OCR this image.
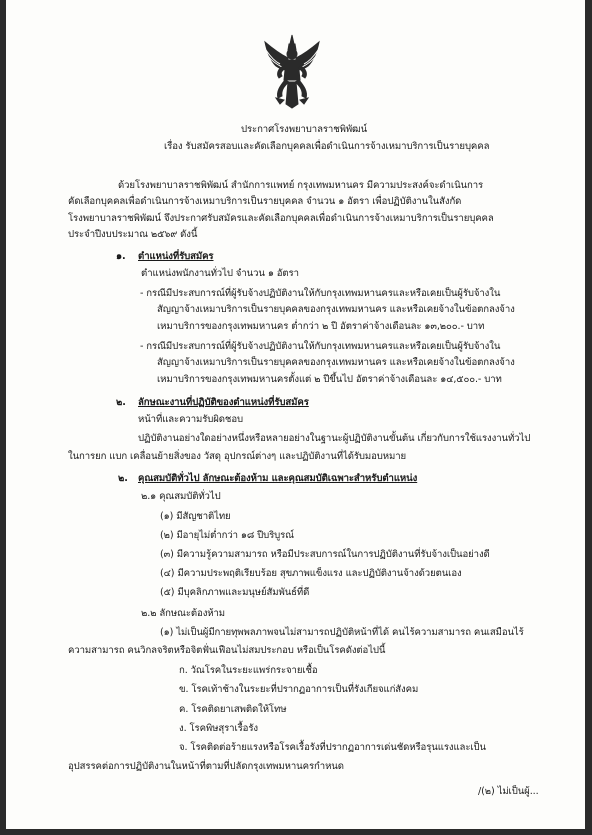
ประกาศโรงพยาบาลราชพิพัฒน์
เรื่อง รับสมัครสอบและคัดเลือกบุคคลเพื่อดำเนินการจ้างเหมาบริการเป็นรายบุคคล
ด้วยโรงพยาบาลราชพิพัฒน์ สำนักการแพทย์ กรุงเทพมหานคร มีความประสงค์จะดำเนินการ
คัดเลือกบุคคลเพื่อดำเนินการจ้างเหมาบริการเป็นรายบุคคล จำนวน ๑ อัตรา เพื่อปฏิบัติงานในสังกัด
โรงพยาบาลราชพิพัฒน์ จึงประกาศรับสมัครและคัดเลือกบุคคลเพื่อดำเนินการจ้างเหมาบริการเป็นรายบุคคล
ประจำปีงบประมาณ ๒๕๖๙ ดังนี้
๑. ตำแหน่งที่รับสมัคร
ตำแหน่งพนักงานทั่วไป จำนวน ๑ อัตรา
- กรณีมีประสบการณ์ที่ผู้รับจ้างปฏิบัติงานให้กับกรุงเทพมหานครและหรือเคยเป็นผู้รับจ้างใน
สัญญาจ้างเหมาบริการเป็นรายบุคคลของกรุงเทพมหานคร และหรือเคยจ้างในข้อตกลงจ้าง
เหมาบริการของกรุงเทพมหานคร ต่ำกว่า ๒ ปี อัตราค่าจ้างเดือนละ ๑๓,๒๐๐.- บาท
- กรณีมีประสบการณ์ที่ผู้รับจ้างปฏิบัติงานให้กับกรุงเทพมหานครและหรือเคยเป็นผู้รับจ้างใน
สัญญาจ้างเหมาบริการเป็นรายบุคคลของกรุงเทพมหานคร และหรือเคยจ้างในข้อตกลงจ้าง
เหมาบริการของกรุงเทพมหานครตั้งแต่ ๒ ปีขึ้นไป อัตราค่าจ้างเดือนละ ๑๔,๕๐๐.- บาท
๒. ลักษณะงานที่ปฏิบัติของตำแหน่งที่รับสมัคร
หน้าที่และความรับผิดชอบ
ปฏิบัติงานอย่างใดอย่างหนึ่งหรือหลายอย่างในฐานะผู้ปฏิบัติงานขั้นต้น เกี่ยวกับการใช้แรงงานทั่วไป
ในการยก แบก เคลื่อนย้ายสิ่งของ วัสดุ อุปกรณ์ต่างๆ และปฏิบัติงานที่ได้รับมอบหมาย
๒. คุณสมบัติทั่วไป ลักษณะต้องห้าม และคุณสมบัติเฉพาะสำหรับตำแหน่ง
๒.๑ คุณสมบัติทั่วไป
(๑) มีสัญชาติไทย
(๒) มีอายุไม่ต่ำกว่า ๑๘ ปีบริบูรณ์
(๓) มีความรู้ความสามารถ หรือมีประสบการณ์ในการปฏิบัติงานที่รับจ้างเป็นอย่างดี
(๔) มีความประพฤติเรียบร้อย สุขภาพแข็งแรง และปฏิบัติงานจ้างด้วยตนเอง
(๕) มีบุคลิกภาพและมนุษย์สัมพันธ์ที่ดี
๒.๒ ลักษณะต้องห้าม
(๑) ไม่เป็นผู้มีกายทุพพลภาพจนไม่สามารถปฏิบัติหน้าที่ได้ คนไร้ความสามารถ คนเสมือนไร้
ความสามารถ คนวิกลจริตหรือจิตฟั่นเฟือนไม่สมประกอบ หรือเป็นโรคดังต่อไปนี้
ก. วัณโรคในระยะแพร่กระจายเชื้อ
ข. โรคเท้าช้างในระยะที่ปรากฏอาการเป็นที่รังเกียจแก่สังคม
ค. โรคติดยาเสพติดให้โทษ
ง. โรคพิษสุราเรื้อรัง
จ. โรคติดต่อร้ายแรงหรือโรคเรื้อรังที่ปรากฏอาการเด่นชัดหรือรุนแรงและเป็น
อุปสรรคต่อการปฏิบัติงานในหน้าที่ตามที่ปลัดกรุงเทพมหานครกำหนด
/(๒) ไม่เป็นผู้...
